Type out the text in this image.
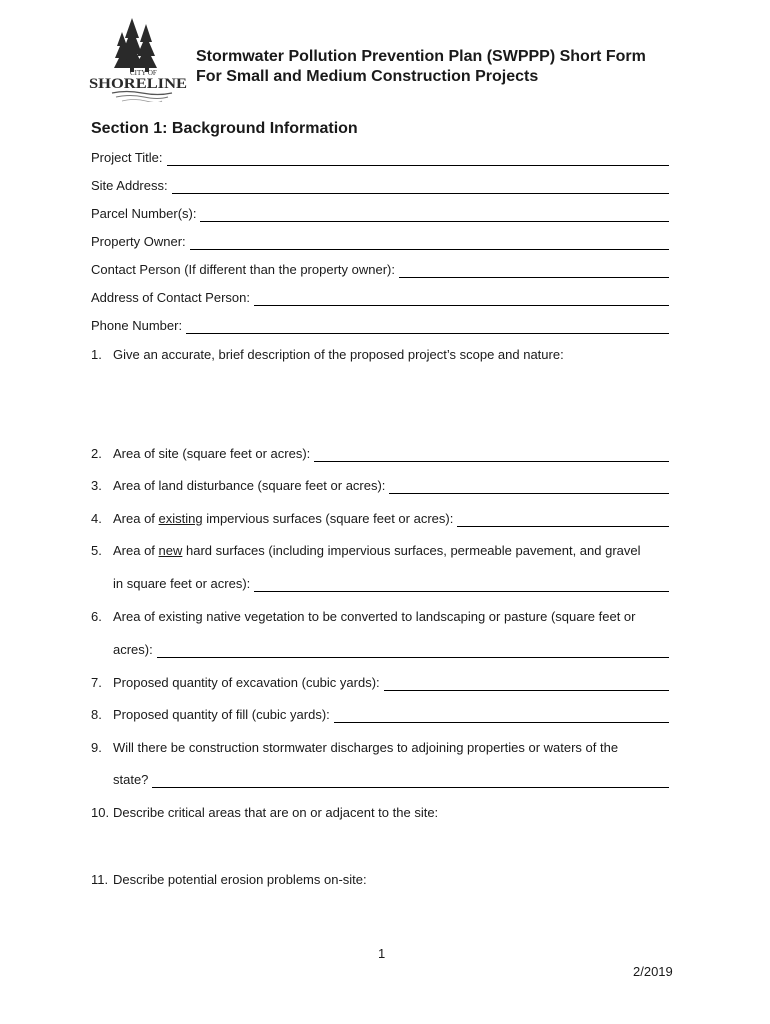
CITY OF
SHORELINE
Stormwater Pollution Prevention Plan (SWPPP) Short Form
For Small and Medium Construction Projects
Section 1: Background Information
Project Title:
Site Address:
Parcel Number(s):
Property Owner:
Contact Person (If different than the property owner):
Address of Contact Person:
Phone Number:
1. Give an accurate, brief description of the proposed project’s scope and nature:
2. Area of site (square feet or acres):
3. Area of land disturbance (square feet or acres):
4. Area of existing impervious surfaces (square feet or acres):
5. Area of new hard surfaces (including impervious surfaces, permeable pavement, and gravel
in square feet or acres):
6. Area of existing native vegetation to be converted to landscaping or pasture (square feet or
acres):
7. Proposed quantity of excavation (cubic yards):
8. Proposed quantity of fill (cubic yards):
9. Will there be construction stormwater discharges to adjoining properties or waters of the
state?
10. Describe critical areas that are on or adjacent to the site:
11. Describe potential erosion problems on-site:
1
2/2019
